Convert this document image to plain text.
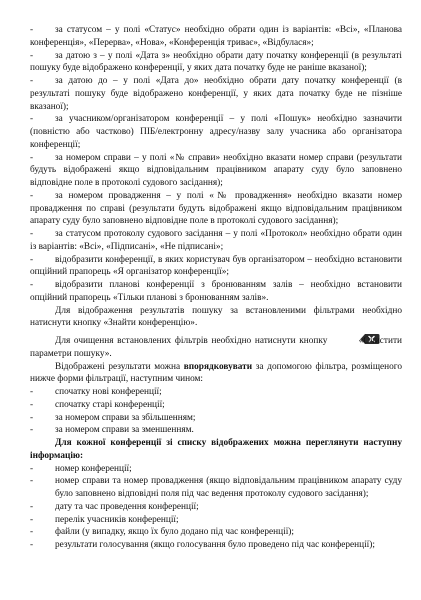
-	за статусом – у полі «Статус» необхідно обрати один із варіантів: «Всі», «Планова конференція», «Перерва», «Нова», «Конференція триває», «Відбулася»;
-	за датою з – у полі «Дата з» необхідно обрати дату початку конференції (в результаті пошуку буде відображено конференції, у яких дата початку буде не раніше вказаної);
-	за датою до – у полі «Дата до» необхідно обрати дату початку конференції (в результаті пошуку буде відображено конференції, у яких дата початку буде не пізніше вказаної);
-	за учасником/організатором конференції – у полі «Пошук» необхідно зазначити (повністю або частково) ПІБ/електронну адресу/назву залу учасника або організатора конференції;
-	за номером справи – у полі «№ справи» необхідно вказати номер справи (результати будуть відображені якщо відповідальним працівником апарату суду було заповнено відповідне поле в протоколі судового засідання);
-	за номером провадження – у полі «№ провадження» необхідно вказати номер провадження по справі (результати будуть відображені якщо відповідальним працівником апарату суду було заповнено відповідне поле в протоколі судового засідання);
-	за статусом протоколу судового засідання – у полі «Протокол» необхідно обрати один із варіантів: «Всі», «Підписані», «Не підписані»;
-	відобразити конференції, в яких користувач був організатором – необхідно встановити опційний прапорець «Я організатор конференції»;
-	відобразити планові конференції з бронюванням залів – необхідно встановити опційний прапорець «Тільки планові з бронюванням залів».

Для відображення результатів пошуку за встановленими фільтрами необхідно натиснути кнопку «Знайти конференцію».

Для очищення встановлених фільтрів необхідно натиснути кнопку	«Очистити параметри пошуку».

Відображені результати можна впорядковувати за допомогою фільтра, розміщеного нижче форми фільтрації, наступним чином:

-	спочатку нові конференції;
-	спочатку старі конференції;
-	за номером справи за збільшенням;
-	за номером справи за зменшенням.

Для кожної конференції зі списку відображених можна переглянути наступну інформацію:

-	номер конференції;
-	номер справи та номер провадження (якщо відповідальним працівником апарату суду було заповнено відповідні поля під час ведення протоколу судового засідання);
-	дату та час проведення конференції;
-	перелік учасників конференції;
-	файли (у випадку, якщо їх було додано під час конференції);
-	результати голосування (якщо голосування було проведено під час конференції);
